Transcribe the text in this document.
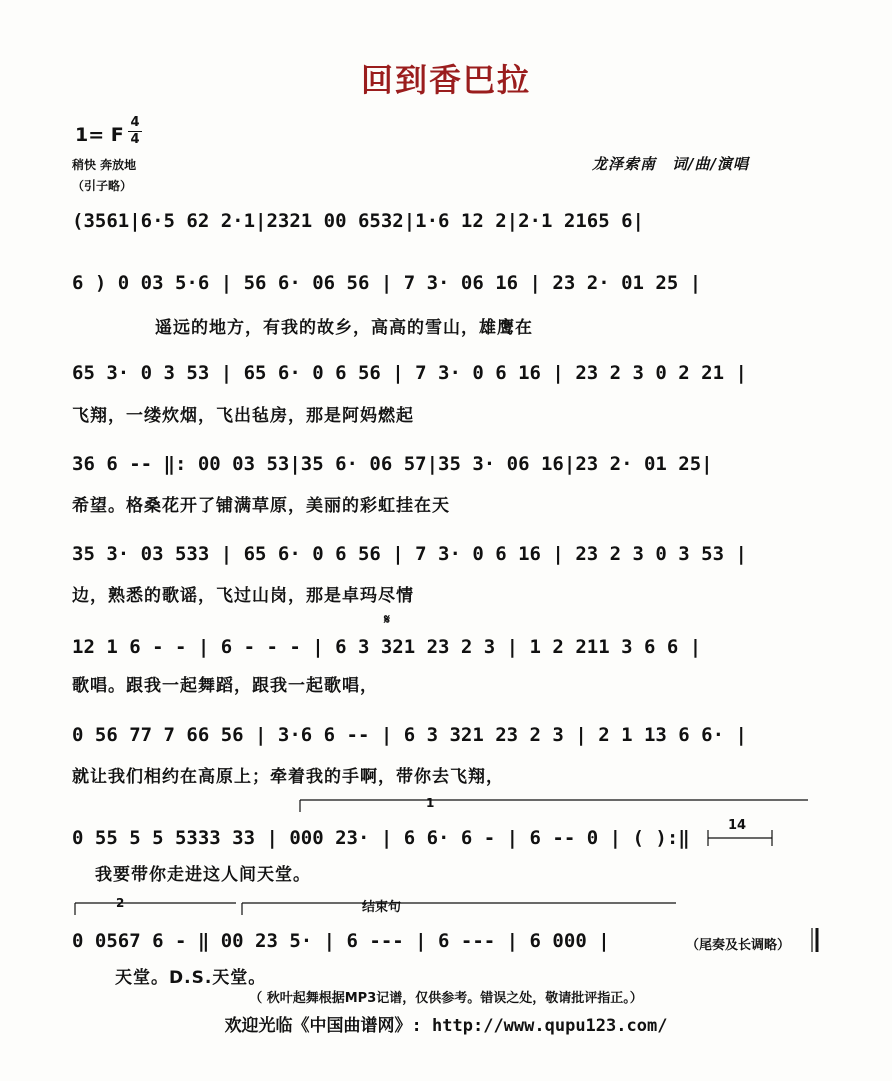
回到香巴拉
1= F
4
4
稍快 奔放地
（引子略）
龙泽索南　词/曲/演唱
(3561|6·5 62 2·1|2321 00 6532|1·6 12 2|2·1 2165 6|
6 ) 0 03 5·6 | 56 6· 06 56 | 7 3· 06 16 | 23 2· 01 25 |
遥远的地方，有我的故乡，高高的雪山，雄鹰在
65 3· 0 3 53 | 65 6· 0 6 56 | 7 3· 0 6 16 | 23 2 3 0 2 21 |
飞翔，一缕炊烟，飞出毡房，那是阿妈燃起
36 6 -- ‖: 00 03 53|35 6· 06 57|35 3· 06 16|23 2· 01 25|
希望。格桑花开了铺满草原，美丽的彩虹挂在天
35 3· 03 533 | 65 6· 0 6 56 | 7 3· 0 6 16 | 23 2 3 0 3 53 |
边，熟悉的歌谣，飞过山岗，那是卓玛尽情
𝄋
12 1 6 - - | 6 - - - | 6 3 321 23 2 3 | 1 2 211 3 6 6 |
歌唱。跟我一起舞蹈，跟我一起歌唱，
0 56 77 7 66 56 | 3·6 6 -- | 6 3 321 23 2 3 | 2 1 13 6 6· |
就让我们相约在高原上；牵着我的手啊，带你去飞翔，
1
14
0 55 5 5 5333 33 | 000 23· | 6 6· 6 - | 6 -- 0 | ( ):‖
我要带你走进这人间天堂。
2	结束句
0 0567 6 - ‖ 00 23 5· | 6 --- | 6 --- | 6 000 |	（尾奏及长调略）
天堂。D.S.天堂。
（ 秋叶起舞根据MP3记谱，仅供参考。错误之处，敬请批评指正。）
欢迎光临《中国曲谱网》: http://www.qupu123.com/
